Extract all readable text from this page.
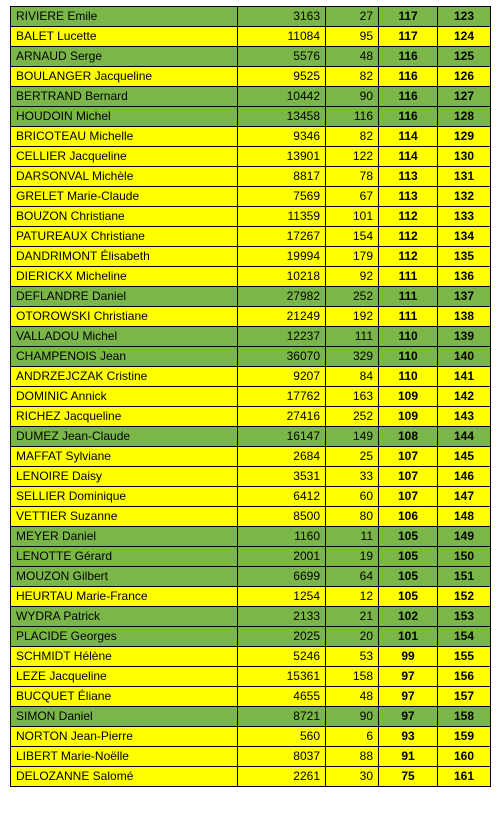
RIVIERE Emile	3163	27	117	123
BALET Lucette	11084	95	117	124
ARNAUD Serge	5576	48	116	125
BOULANGER Jacqueline	9525	82	116	126
BERTRAND Bernard	10442	90	116	127
HOUDOIN Michel	13458	116	116	128
BRICOTEAU Michelle	9346	82	114	129
CELLIER Jacqueline	13901	122	114	130
DARSONVAL Michèle	8817	78	113	131
GRELET Marie-Claude	7569	67	113	132
BOUZON Christiane	11359	101	112	133
PATUREAUX Christiane	17267	154	112	134
DANDRIMONT Élisabeth	19994	179	112	135
DIERICKX Micheline	10218	92	111	136
DEFLANDRE Daniel	27982	252	111	137
OTOROWSKI Christiane	21249	192	111	138
VALLADOU Michel	12237	111	110	139
CHAMPENOIS Jean	36070	329	110	140
ANDRZEJCZAK Cristine	9207	84	110	141
DOMINIC Annick	17762	163	109	142
RICHEZ Jacqueline	27416	252	109	143
DUMEZ Jean-Claude	16147	149	108	144
MAFFAT Sylviane	2684	25	107	145
LENOIRE Daisy	3531	33	107	146
SELLIER Dominique	6412	60	107	147
VETTIER Suzanne	8500	80	106	148
MEYER Daniel	1160	11	105	149
LENOTTE Gérard	2001	19	105	150
MOUZON Gilbert	6699	64	105	151
HEURTAU Marie-France	1254	12	105	152
WYDRA Patrick	2133	21	102	153
PLACIDE Georges	2025	20	101	154
SCHMIDT Hélène	5246	53	99	155
LEZE Jacqueline	15361	158	97	156
BUCQUET Éliane	4655	48	97	157
SIMON Daniel	8721	90	97	158
NORTON Jean-Pierre	560	6	93	159
LIBERT Marie-Noëlle	8037	88	91	160
DELOZANNE Salomé	2261	30	75	161
